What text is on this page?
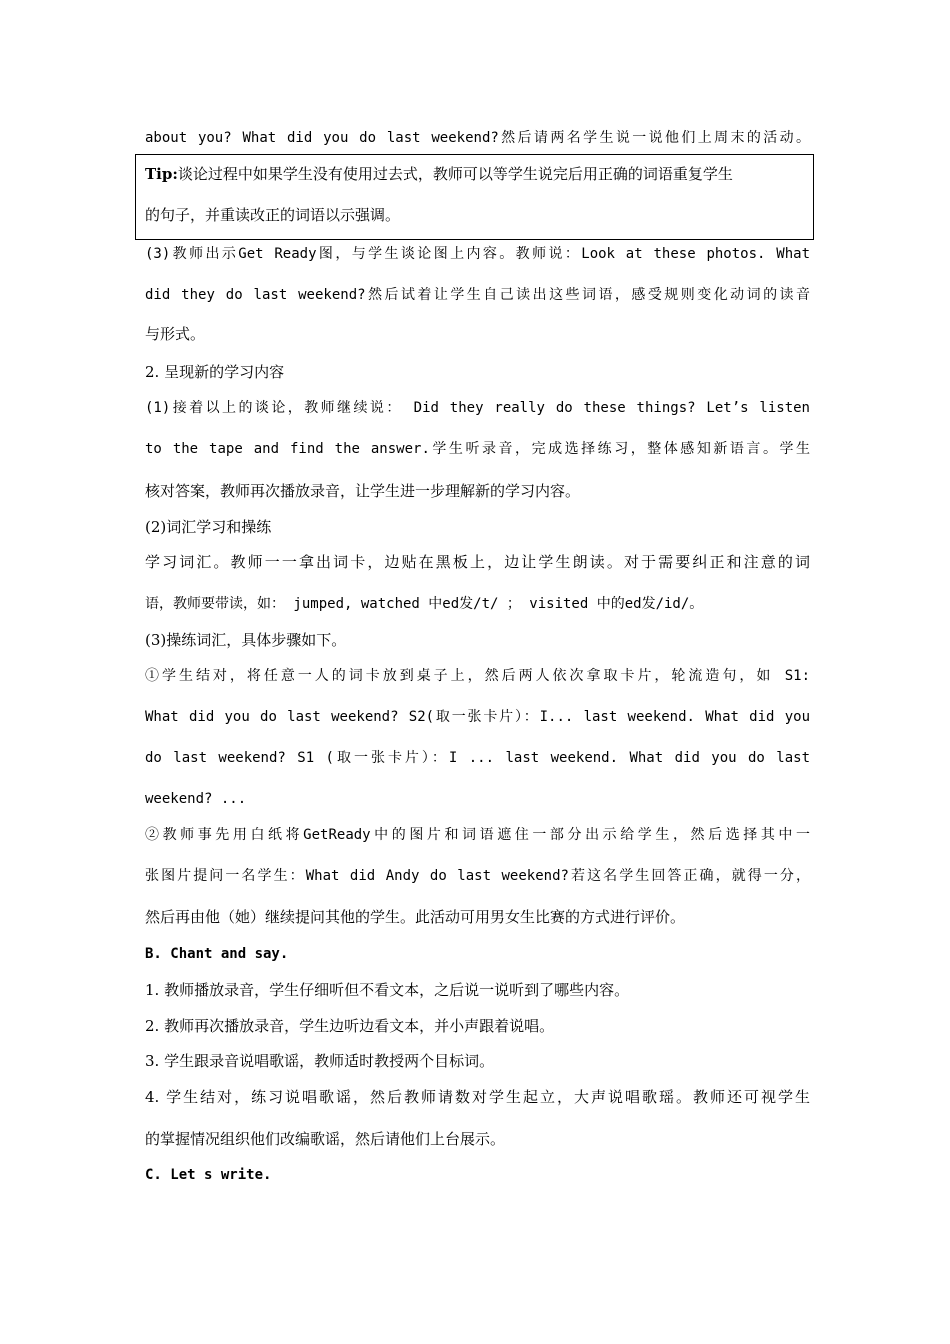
about you? What did you do last weekend?然后请两名学生说一说他们上周末的活动。
Tip:谈论过程中如果学生没有使用过去式，教师可以等学生说完后用正确的词语重复学生
的句子，并重读改正的词语以示强调。
(3)教师出示Get Ready图，与学生谈论图上内容。教师说：Look at these photos. What
did they do last weekend?然后试着让学生自己读出这些词语，感受规则变化动词的读音
与形式。
2. 呈现新的学习内容
(1)接着以上的谈论，教师继续说： Did they really do these things? Let’s listen
to the tape and find the answer.学生听录音，完成选择练习，整体感知新语言。学生
核对答案，教师再次播放录音，让学生进一步理解新的学习内容。
(2)词汇学习和操练
学习词汇。教师一一拿出词卡，边贴在黑板上，边让学生朗读。对于需要纠正和注意的词
语，教师要带读，如： jumped, watched 中ed发/t/ ； visited 中的ed发/id/。
(3)操练词汇，具体步骤如下。
①学生结对，将任意一人的词卡放到桌子上，然后两人依次拿取卡片，轮流造句，如 S1:
What did you do last weekend? S2(取一张卡片）：I... last weekend. What did you
do last weekend? S1 (取一张卡片）：I ... last weekend. What did you do last
weekend? ...
②教师事先用白纸将GetReady中的图片和词语遮住一部分出示给学生，然后选择其中一
张图片提问一名学生：What did Andy do last weekend?若这名学生回答正确，就得一分，
然后再由他（她）继续提问其他的学生。此活动可用男女生比赛的方式进行评价。
B. Chant and say.
1. 教师播放录音，学生仔细听但不看文本，之后说一说听到了哪些内容。
2. 教师再次播放录音，学生边听边看文本，并小声跟着说唱。
3. 学生跟录音说唱歌谣，教师适时教授两个目标词。
4. 学生结对，练习说唱歌谣，然后教师请数对学生起立，大声说唱歌瑶。教师还可视学生
的掌握情况组织他们改编歌谣，然后请他们上台展示。
C. Let s write.
